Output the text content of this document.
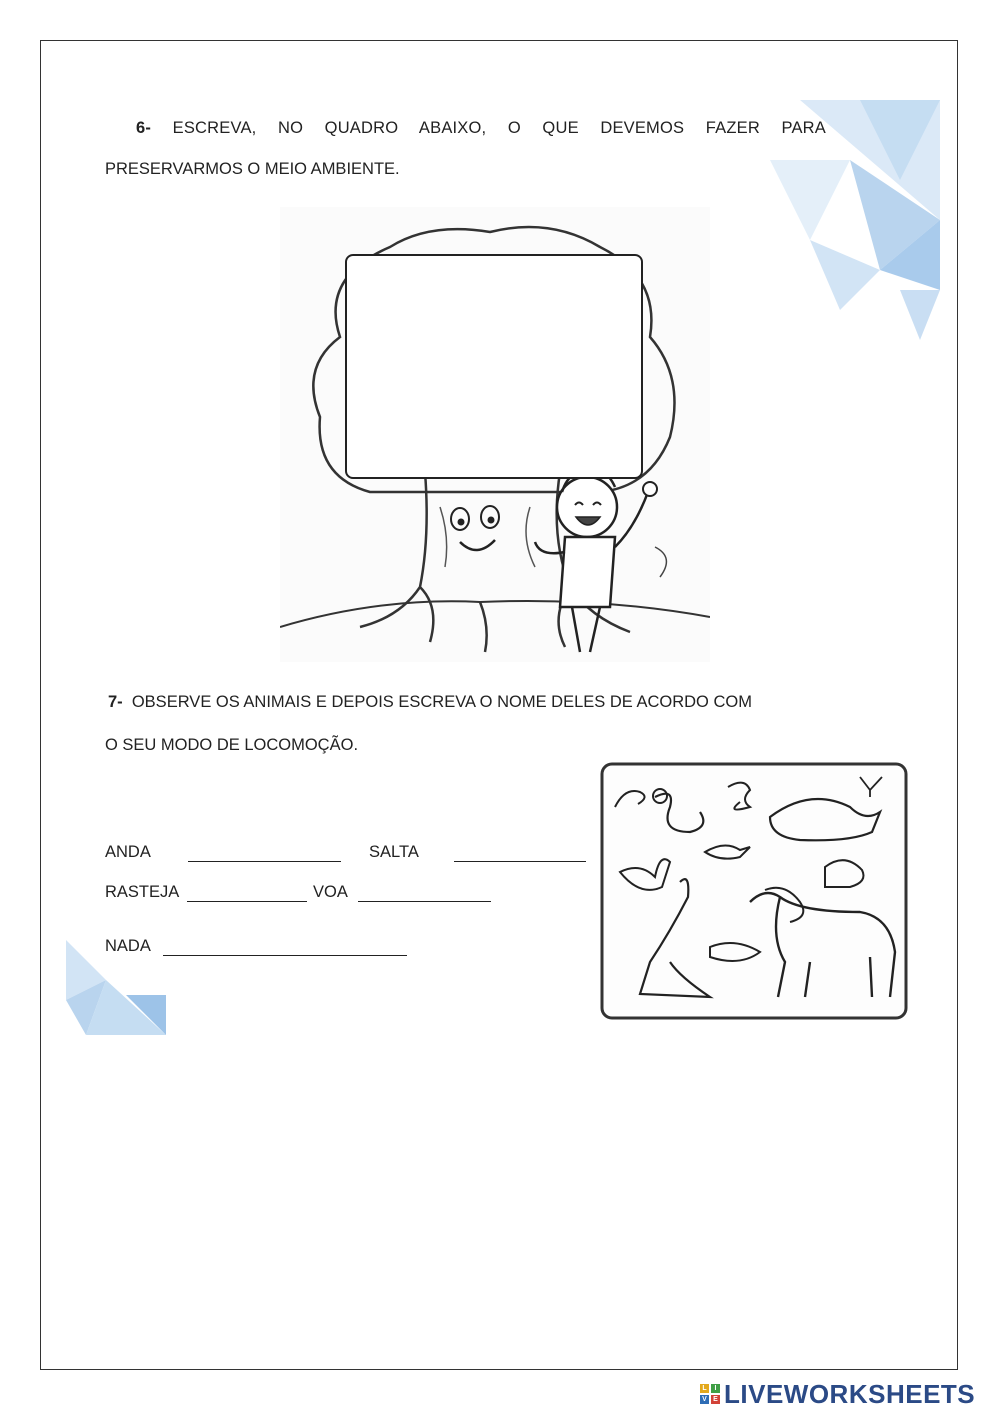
6- ESCREVA, NO QUADRO ABAIXO, O QUE DEVEMOS FAZER PARA
PRESERVARMOS O MEIO AMBIENTE.
7- OBSERVE OS ANIMAIS E DEPOIS ESCREVA O NOME DELES DE ACORDO COM
O SEU MODO DE LOCOMOÇÃO.
ANDA	SALTA
RASTEJA	VOA
NADA
L	I
V E LIVEWORKSHEETS
